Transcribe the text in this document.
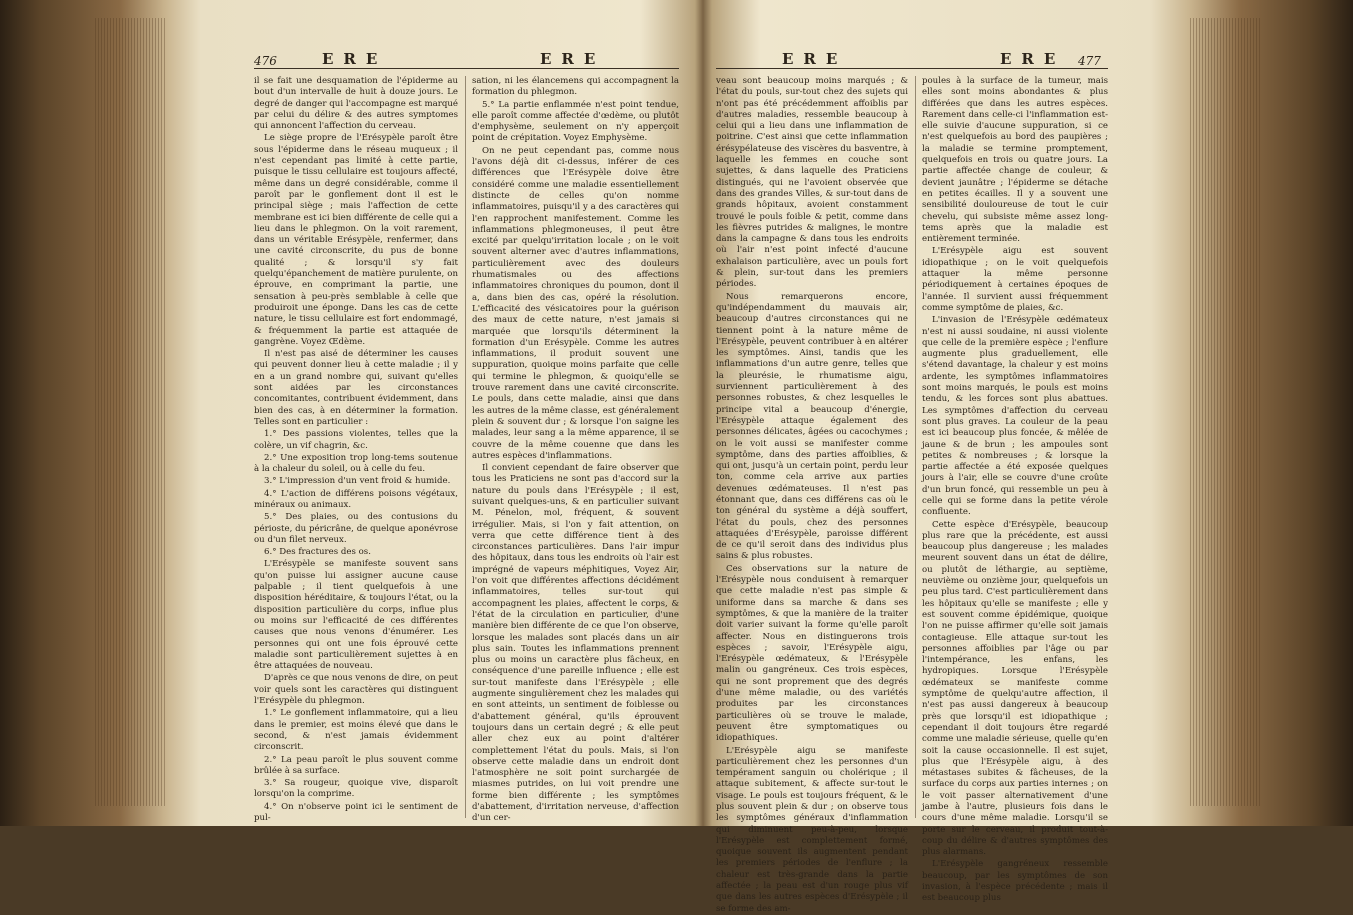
476	ERE	ERE

il se fait une desquamation de l'épiderme au bout d'un intervalle de huit à douze jours. Le degré de danger qui l'accompagne est marqué par celui du délire & des autres symptomes qui annoncent l'affection du cerveau.

Le siège propre de l'Erésypèle paroît être sous l'épiderme dans le réseau muqueux ; il n'est cependant pas limité à cette partie, puisque le tissu cellulaire est toujours affecté, même dans un degré considérable, comme il paroît par le gonflement dont il est le principal siège ; mais l'affection de cette membrane est ici bien différente de celle qui a lieu dans le phlegmon. On la voit rarement, dans un véritable Erésypèle, renfermer, dans une cavité circonscrite, du pus de bonne qualité ; & lorsqu'il s'y fait quelqu'épanchement de matière purulente, on éprouve, en comprimant la partie, une sensation à peu-près semblable à celle que produiroit une éponge. Dans les cas de cette nature, le tissu cellulaire est fort endommagé, & fréquemment la partie est attaquée de gangrène. Voyez Œdème.

Il n'est pas aisé de déterminer les causes qui peuvent donner lieu à cette maladie ; il y en a un grand nombre qui, suivant qu'elles sont aidées par les circonstances concomitantes, contribuent évidemment, dans bien des cas, à en déterminer la formation. Telles sont en particulier :

1.° Des passions violentes, telles que la colère, un vif chagrin, &c.

2.° Une exposition trop long-tems soutenue à la chaleur du soleil, ou à celle du feu.

3.° L'impression d'un vent froid & humide.

4.° L'action de différens poisons végétaux, minéraux ou animaux.

5.° Des plaies, ou des contusions du périoste, du péricrâne, de quelque aponévrose ou d'un filet nerveux.

6.° Des fractures des os.

L'Erésypèle se manifeste souvent sans qu'on puisse lui assigner aucune cause palpable ; il tient quelquefois à une disposition héréditaire, & toujours l'état, ou la disposition particulière du corps, influe plus ou moins sur l'efficacité de ces différentes causes que nous venons d'énumérer. Les personnes qui ont une fois éprouvé cette maladie sont particulièrement sujettes à en être attaquées de nouveau.

D'après ce que nous venons de dire, on peut voir quels sont les caractères qui distinguent l'Erésypèle du phlegmon.

1.° Le gonflement inflammatoire, qui a lieu dans le premier, est moins élevé que dans le second, & n'est jamais évidemment circonscrit.

2.° La peau paroît le plus souvent comme brûlée à sa surface.

3.° Sa rougeur, quoique vive, disparoît lorsqu'on la comprime.

4.° On n'observe point ici le sentiment de pul-

sation, ni les élancemens qui accompagnent la formation du phlegmon.

5.° La partie enflammée n'est point tendue, elle paroît comme affectée d'œdème, ou plutôt d'emphysème, seulement on n'y apperçoit point de crépitation. Voyez Emphysème.

On ne peut cependant pas, comme nous l'avons déjà dit ci-dessus, inférer de ces différences que l'Erésypèle doive être considéré comme une maladie essentiellement distincte de celles qu'on nomme inflammatoires, puisqu'il y a des caractères qui l'en rapprochent manifestement. Comme les inflammations phlegmoneuses, il peut être excité par quelqu'irritation locale ; on le voit souvent alterner avec d'autres inflammations, particulièrement avec des douleurs rhumatismales ou des affections inflammatoires chroniques du poumon, dont il a, dans bien des cas, opéré la résolution. L'efficacité des vésicatoires pour la guérison des maux de cette nature, n'est jamais si marquée que lorsqu'ils déterminent la formation d'un Erésypèle. Comme les autres inflammations, il produit souvent une suppuration, quoique moins parfaite que celle qui termine le phlegmon, & quoiqu'elle se trouve rarement dans une cavité circonscrite. Le pouls, dans cette maladie, ainsi que dans les autres de la même classe, est généralement plein & souvent dur ; & lorsque l'on saigne les malades, leur sang a la même apparence, il se couvre de la même couenne que dans les autres espèces d'inflammations.

Il convient cependant de faire observer que tous les Praticiens ne sont pas d'accord sur la nature du pouls dans l'Erésypèle ; il est, suivant quelques-uns, & en particulier suivant M. Pénelon, mol, fréquent, & souvent irrégulier. Mais, si l'on y fait attention, on verra que cette différence tient à des circonstances particulières. Dans l'air impur des hôpitaux, dans tous les endroits où l'air est imprégné de vapeurs méphitiques, Voyez Air, l'on voit que différentes affections décidément inflammatoires, telles sur-tout qui accompagnent les plaies, affectent le corps, & l'état de la circulation en particulier, d'une manière bien différente de ce que l'on observe, lorsque les malades sont placés dans un air plus sain. Toutes les inflammations prennent plus ou moins un caractère plus fâcheux, en conséquence d'une pareille influence ; elle est sur-tout manifeste dans l'Erésypèle ; elle augmente singulièrement chez les malades qui en sont atteints, un sentiment de foiblesse ou d'abattement général, qu'ils éprouvent toujours dans un certain degré ; & elle peut aller chez eux au point d'altérer complettement l'état du pouls. Mais, si l'on observe cette maladie dans un endroit dont l'atmosphère ne soit point surchargée de miasmes putrides, on lui voit prendre une forme bien différente ; les symptômes d'abattement, d'irritation nerveuse, d'affection d'un cer-

ERE	ERE 477

veau sont beaucoup moins marqués ; & l'état du pouls, sur-tout chez des sujets qui n'ont pas été précédemment affoiblis par d'autres maladies, ressemble beaucoup à celui qui a lieu dans une inflammation de poitrine. C'est ainsi que cette inflammation érésypélateuse des viscères du basventre, à laquelle les femmes en couche sont sujettes, & dans laquelle des Praticiens distingués, qui ne l'avoient observée que dans des grandes Villes, & sur-tout dans de grands hôpitaux, avoient constamment trouvé le pouls foible & petit, comme dans les fièvres putrides & malignes, le montre dans la campagne & dans tous les endroits où l'air n'est point infecté d'aucune exhalaison particulière, avec un pouls fort & plein, sur-tout dans les premiers périodes.

Nous remarquerons encore, qu'indépendamment du mauvais air, beaucoup d'autres circonstances qui ne tiennent point à la nature même de l'Erésypèle, peuvent contribuer à en altérer les symptômes. Ainsi, tandis que les inflammations d'un autre genre, telles que la pleurésie, le rhumatisme aigu, surviennent particulièrement à des personnes robustes, & chez lesquelles le principe vital a beaucoup d'énergie, l'Erésypèle attaque également des personnes délicates, âgées ou cacochymes ; on le voit aussi se manifester comme symptôme, dans des parties affoiblies, & qui ont, jusqu'à un certain point, perdu leur ton, comme cela arrive aux parties devenues œdémateuses. Il n'est pas étonnant que, dans ces différens cas où le ton général du système a déjà souffert, l'état du pouls, chez des personnes attaquées d'Erésypèle, paroisse différent de ce qu'il seroit dans des individus plus sains & plus robustes.

Ces observations sur la nature de l'Erésypèle nous conduisent à remarquer que cette maladie n'est pas simple & uniforme dans sa marche & dans ses symptômes, & que la manière de la traiter doit varier suivant la forme qu'elle paroît affecter. Nous en distinguerons trois espèces ; savoir, l'Erésypèle aigu, l'Erésypèle œdémateux, & l'Erésypèle malin ou gangréneux. Ces trois espèces, qui ne sont proprement que des degrés d'une même maladie, ou des variétés produites par les circonstances particulières où se trouve le malade, peuvent être symptomatiques ou idiopathiques.

L'Erésypèle aigu se manifeste particulièrement chez les personnes d'un tempérament sanguin ou cholérique ; il attaque subitement, & affecte sur-tout le visage. Le pouls est toujours fréquent, & le plus souvent plein & dur ; on observe tous les symptômes généraux d'inflammation qui diminuent peu-à-peu, lorsque l'Erésypèle est complettement formé, quoique souvent ils augmentent pendant les premiers périodes de l'enflure ; la chaleur est très-grande dans la partie affectée ; la peau est d'un rouge plus vif que dans les autres espèces d'Erésypèle ; il se forme des am-

poules à la surface de la tumeur, mais elles sont moins abondantes & plus différées que dans les autres espèces. Rarement dans celle-ci l'inflammation est-elle suivie d'aucune suppuration, si ce n'est quelquefois au bord des paupières ; la maladie se termine promptement, quelquefois en trois ou quatre jours. La partie affectée change de couleur, & devient jaunâtre ; l'épiderme se détache en petites écailles. Il y a souvent une sensibilité douloureuse de tout le cuir chevelu, qui subsiste même assez long-tems après que la maladie est entièrement terminée.

L'Erésypèle aigu est souvent idiopathique ; on le voit quelquefois attaquer la même personne périodiquement à certaines époques de l'année. Il survient aussi fréquemment comme symptôme de plaies, &c.

L'invasion de l'Erésypèle œdémateux n'est ni aussi soudaine, ni aussi violente que celle de la première espèce ; l'enflure augmente plus graduellement, elle s'étend davantage, la chaleur y est moins ardente, les symptômes inflammatoires sont moins marqués, le pouls est moins tendu, & les forces sont plus abattues. Les symptômes d'affection du cerveau sont plus graves. La couleur de la peau est ici beaucoup plus foncée, & mêlée de jaune & de brun ; les ampoules sont petites & nombreuses ; & lorsque la partie affectée a été exposée quelques jours à l'air, elle se couvre d'une croûte d'un brun foncé, qui ressemble un peu à celle qui se forme dans la petite vérole confluente.

Cette espèce d'Erésypèle, beaucoup plus rare que la précédente, est aussi beaucoup plus dangereuse ; les malades meurent souvent dans un état de délire, ou plutôt de léthargie, au septième, neuvième ou onzième jour, quelquefois un peu plus tard. C'est particulièrement dans les hôpitaux qu'elle se manifeste ; elle y est souvent comme épidémique, quoique l'on ne puisse affirmer qu'elle soit jamais contagieuse. Elle attaque sur-tout les personnes affoiblies par l'âge ou par l'intempérance, les enfans, les hydropiques. Lorsque l'Erésypèle œdémateux se manifeste comme symptôme de quelqu'autre affection, il n'est pas aussi dangereux à beaucoup près que lorsqu'il est idiopathique ; cependant il doit toujours être regardé comme une maladie sérieuse, quelle qu'en soit la cause occasionnelle. Il est sujet, plus que l'Erésypèle aigu, à des métastases subites & fâcheuses, de la surface du corps aux parties internes ; on le voit passer alternativement d'une jambe à l'autre, plusieurs fois dans le cours d'une même maladie. Lorsqu'il se porte sur le cerveau, il produit tout-à-coup du délire & d'autres symptômes des plus alarmans.

L'Erésypèle gangréneux ressemble beaucoup, par les symptômes de son invasion, à l'espèce précédente ; mais il est beaucoup plus
